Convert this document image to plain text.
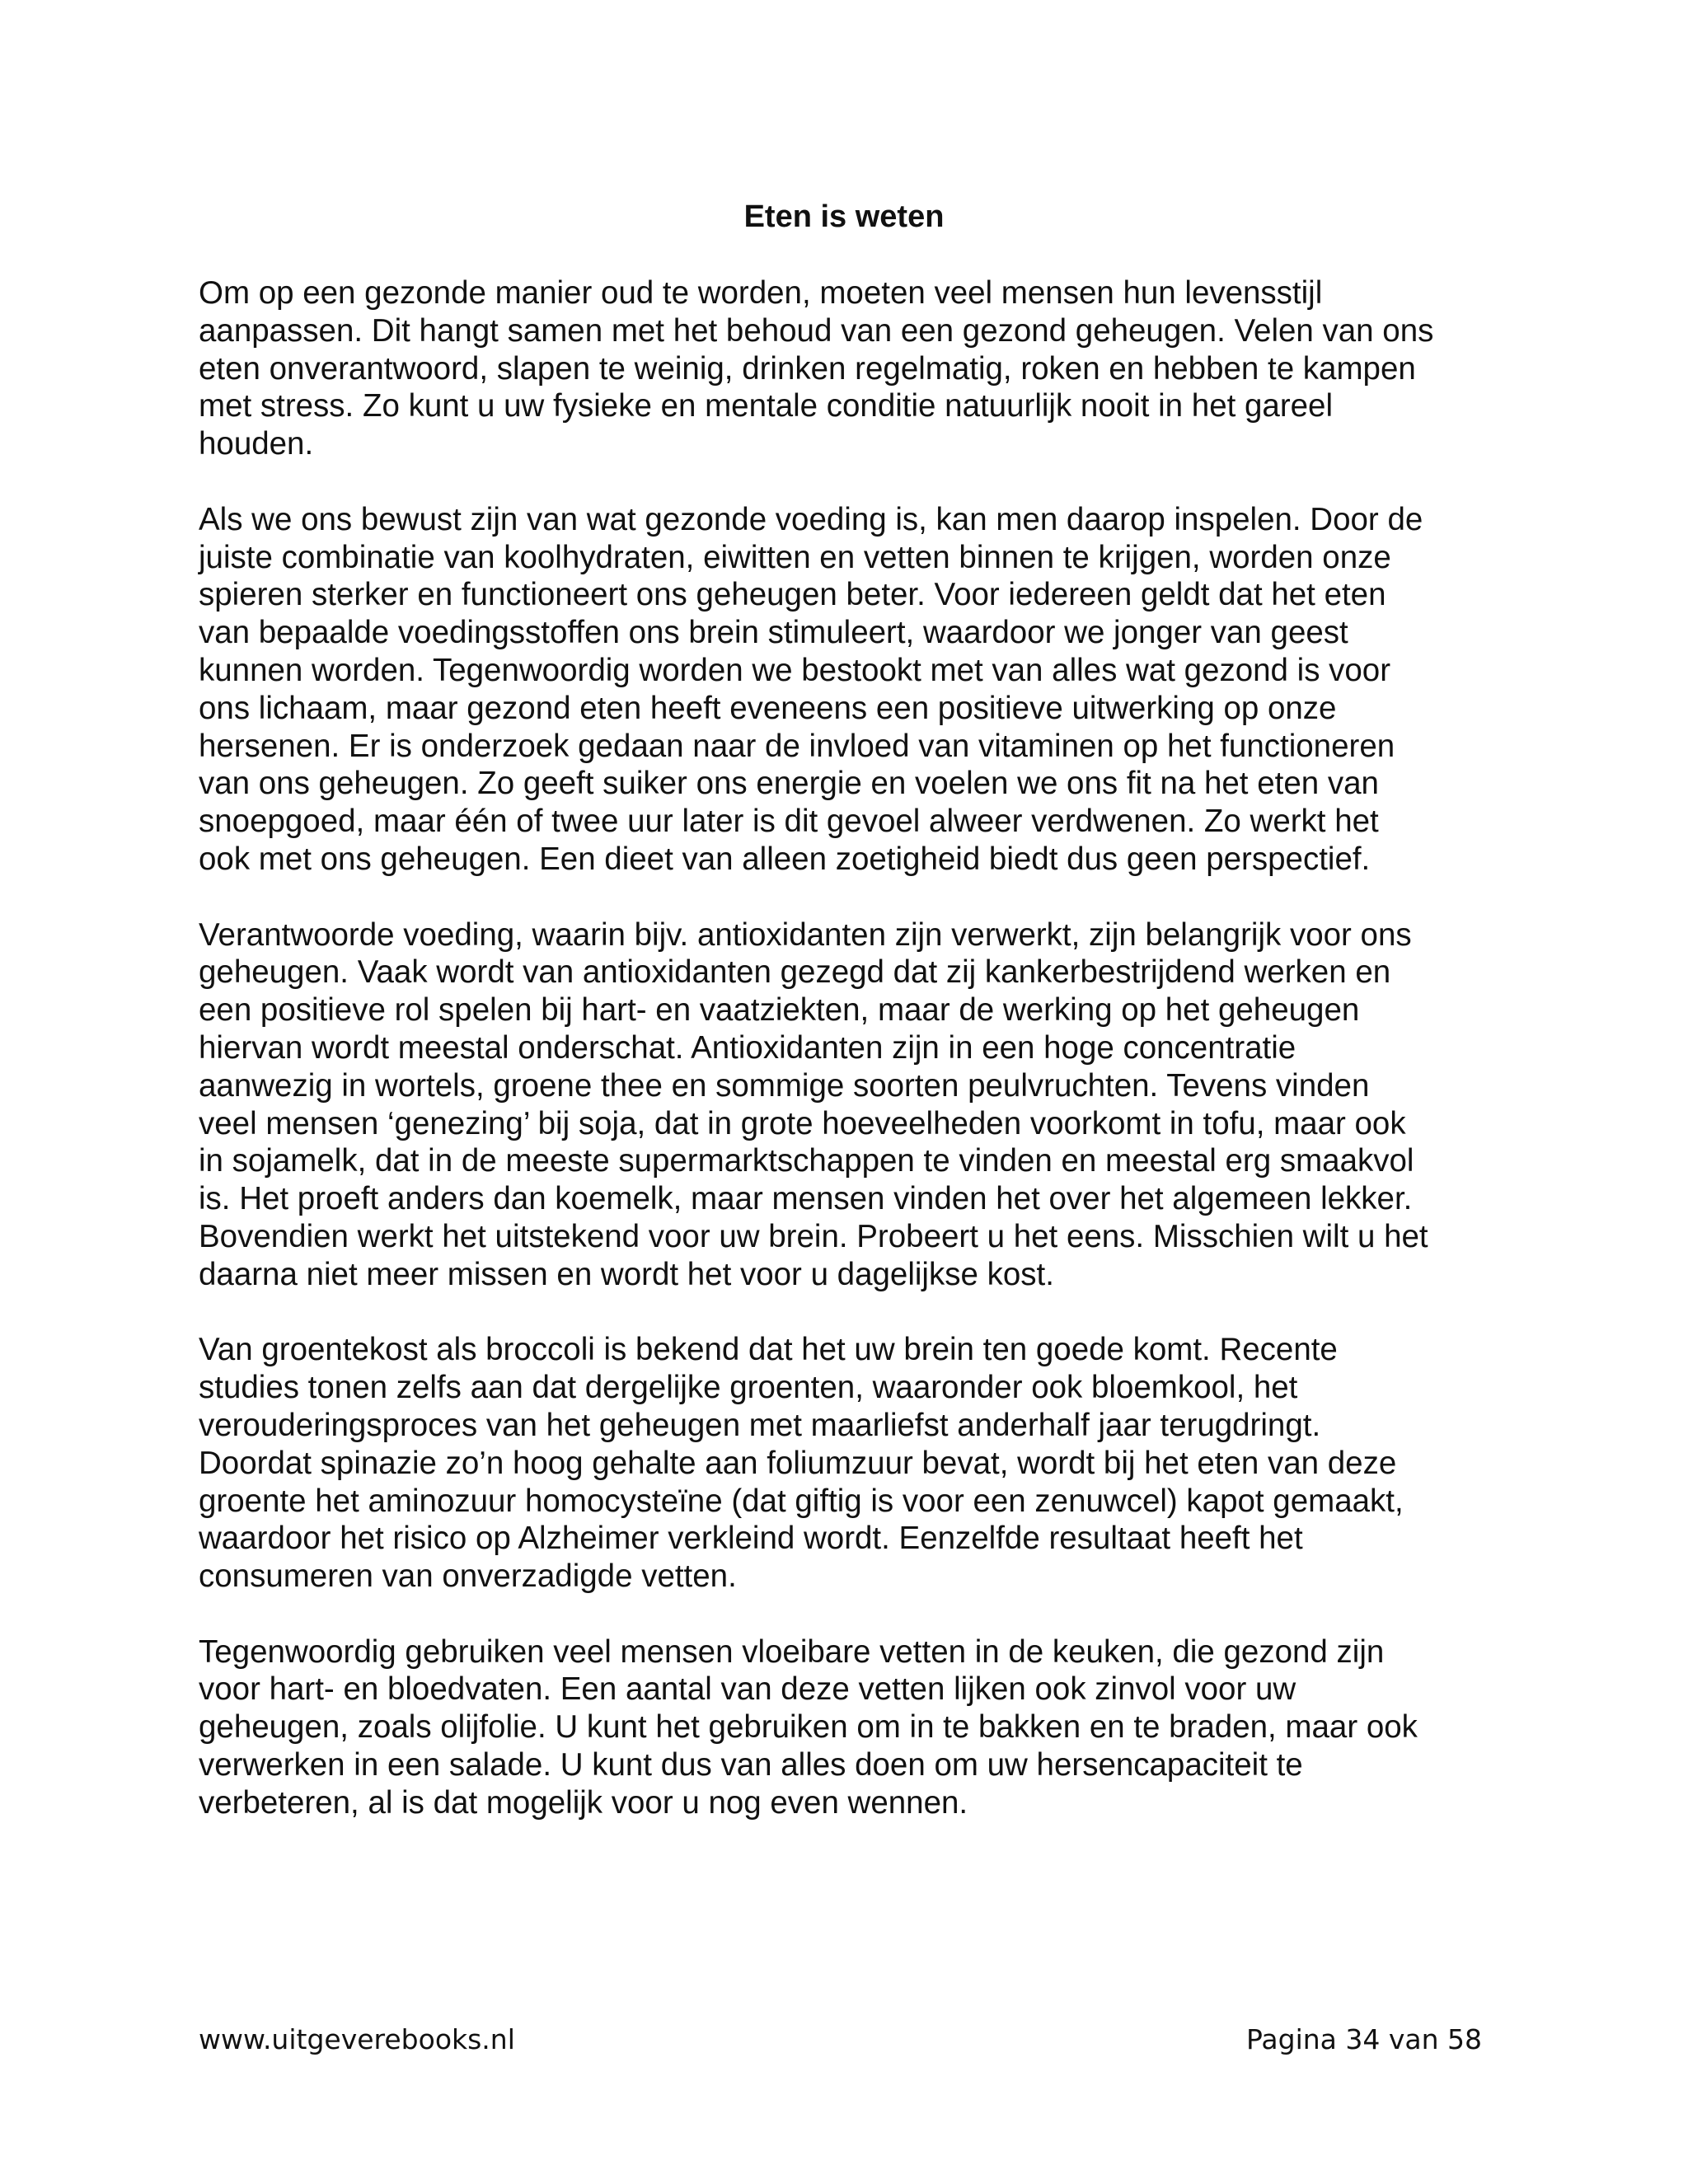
Eten is weten

Om op een gezonde manier oud te worden, moeten veel mensen hun levensstijl
aanpassen. Dit hangt samen met het behoud van een gezond geheugen. Velen van ons
eten onverantwoord, slapen te weinig, drinken regelmatig, roken en hebben te kampen
met stress. Zo kunt u uw fysieke en mentale conditie natuurlijk nooit in het gareel
houden.

Als we ons bewust zijn van wat gezonde voeding is, kan men daarop inspelen. Door de
juiste combinatie van koolhydraten, eiwitten en vetten binnen te krijgen, worden onze
spieren sterker en functioneert ons geheugen beter. Voor iedereen geldt dat het eten
van bepaalde voedingsstoffen ons brein stimuleert, waardoor we jonger van geest
kunnen worden. Tegenwoordig worden we bestookt met van alles wat gezond is voor
ons lichaam, maar gezond eten heeft eveneens een positieve uitwerking op onze
hersenen. Er is onderzoek gedaan naar de invloed van vitaminen op het functioneren
van ons geheugen. Zo geeft suiker ons energie en voelen we ons fit na het eten van
snoepgoed, maar één of twee uur later is dit gevoel alweer verdwenen. Zo werkt het
ook met ons geheugen. Een dieet van alleen zoetigheid biedt dus geen perspectief.

Verantwoorde voeding, waarin bijv. antioxidanten zijn verwerkt, zijn belangrijk voor ons
geheugen. Vaak wordt van antioxidanten gezegd dat zij kankerbestrijdend werken en
een positieve rol spelen bij hart- en vaatziekten, maar de werking op het geheugen
hiervan wordt meestal onderschat. Antioxidanten zijn in een hoge concentratie
aanwezig in wortels, groene thee en sommige soorten peulvruchten. Tevens vinden
veel mensen ‘genezing’ bij soja, dat in grote hoeveelheden voorkomt in tofu, maar ook
in sojamelk, dat in de meeste supermarktschappen te vinden en meestal erg smaakvol
is. Het proeft anders dan koemelk, maar mensen vinden het over het algemeen lekker.
Bovendien werkt het uitstekend voor uw brein. Probeert u het eens. Misschien wilt u het
daarna niet meer missen en wordt het voor u dagelijkse kost.

Van groentekost als broccoli is bekend dat het uw brein ten goede komt. Recente
studies tonen zelfs aan dat dergelijke groenten, waaronder ook bloemkool, het
verouderingsproces van het geheugen met maarliefst anderhalf jaar terugdringt.
Doordat spinazie zo’n hoog gehalte aan foliumzuur bevat, wordt bij het eten van deze
groente het aminozuur homocysteïne (dat giftig is voor een zenuwcel) kapot gemaakt,
waardoor het risico op Alzheimer verkleind wordt. Eenzelfde resultaat heeft het
consumeren van onverzadigde vetten.

Tegenwoordig gebruiken veel mensen vloeibare vetten in de keuken, die gezond zijn
voor hart- en bloedvaten. Een aantal van deze vetten lijken ook zinvol voor uw
geheugen, zoals olijfolie. U kunt het gebruiken om in te bakken en te braden, maar ook
verwerken in een salade. U kunt dus van alles doen om uw hersencapaciteit te
verbeteren, al is dat mogelijk voor u nog even wennen.

www.uitgeverebooks.nl	Pagina 34 van 58
